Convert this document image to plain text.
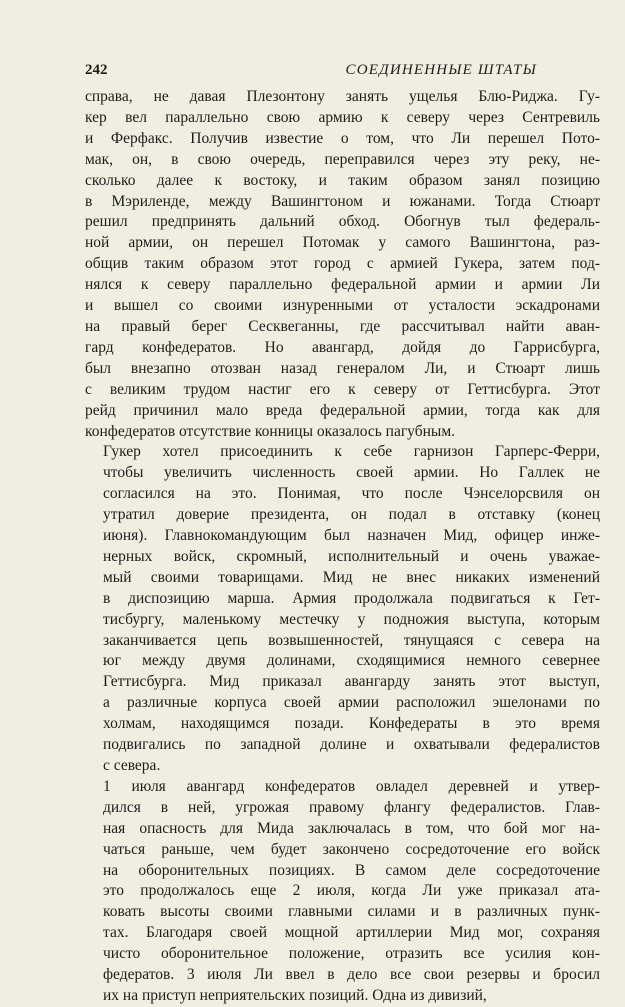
242	СОЕДИНЕННЫЕ ШТАТЫ

справа, не давая Плезонтону занять ущелья Блю-Риджа. Гу-
кер вел параллельно свою армию к северу через Сентревиль
и Ферфакс. Получив известие о том, что Ли перешел Пото-
мак, он, в свою очередь, переправился через эту реку, не-
сколько далее к востоку, и таким образом занял позицию
в Мэриленде, между Вашингтоном и южанами. Тогда Стюарт
решил предпринять дальний обход. Обогнув тыл федераль-
ной армии, он перешел Потомак у самого Вашингтона, раз-
общив таким образом этот город с армией Гукера, затем под-
нялся к северу параллельно федеральной армии и армии Ли
и вышел со своими изнуренными от усталости эскадронами
на правый берег Сесквеганны, где рассчитывал найти аван-
гард конфедератов. Но авангард, дойдя до Гаррисбурга,
был внезапно отозван назад генералом Ли, и Стюарт лишь
с великим трудом настиг его к северу от Геттисбурга. Этот
рейд причинил мало вреда федеральной армии, тогда как для
конфедератов отсутствие конницы оказалось пагубным.

Гукер хотел присоединить к себе гарнизон Гарперс-Ферри,
чтобы увеличить численность своей армии. Но Галлек не
согласился на это. Понимая, что после Чэнселорсвиля он
утратил доверие президента, он подал в отставку (конец
июня). Главнокомандующим был назначен Мид, офицер инже-
нерных войск, скромный, исполнительный и очень уважае-
мый своими товарищами. Мид не внес никаких изменений
в диспозицию марша. Армия продолжала подвигаться к Гет-
тисбургу, маленькому местечку у подножия выступа, которым
заканчивается цепь возвышенностей, тянущаяся с севера на
юг между двумя долинами, сходящимися немного севернее
Геттисбурга. Мид приказал авангарду занять этот выступ,
а различные корпуса своей армии расположил эшелонами по
холмам, находящимся позади. Конфедераты в это время
подвигались по западной долине и охватывали федералистов
с севера.

1 июля авангард конфедератов овладел деревней и утвер-
дился в ней, угрожая правому флангу федералистов. Глав-
ная опасность для Мида заключалась в том, что бой мог на-
чаться раньше, чем будет закончено сосредоточение его войск
на оборонительных позициях. В самом деле сосредоточение
это продолжалось еще 2 июля, когда Ли уже приказал ата-
ковать высоты своими главными силами и в различных пунк-
тах. Благодаря своей мощной артиллерии Мид мог, сохраняя
чисто оборонительное положение, отразить все усилия кон-
федератов. 3 июля Ли ввел в дело все свои резервы и бросил
их на приступ неприятельских позиций. Одна из дивизий,
